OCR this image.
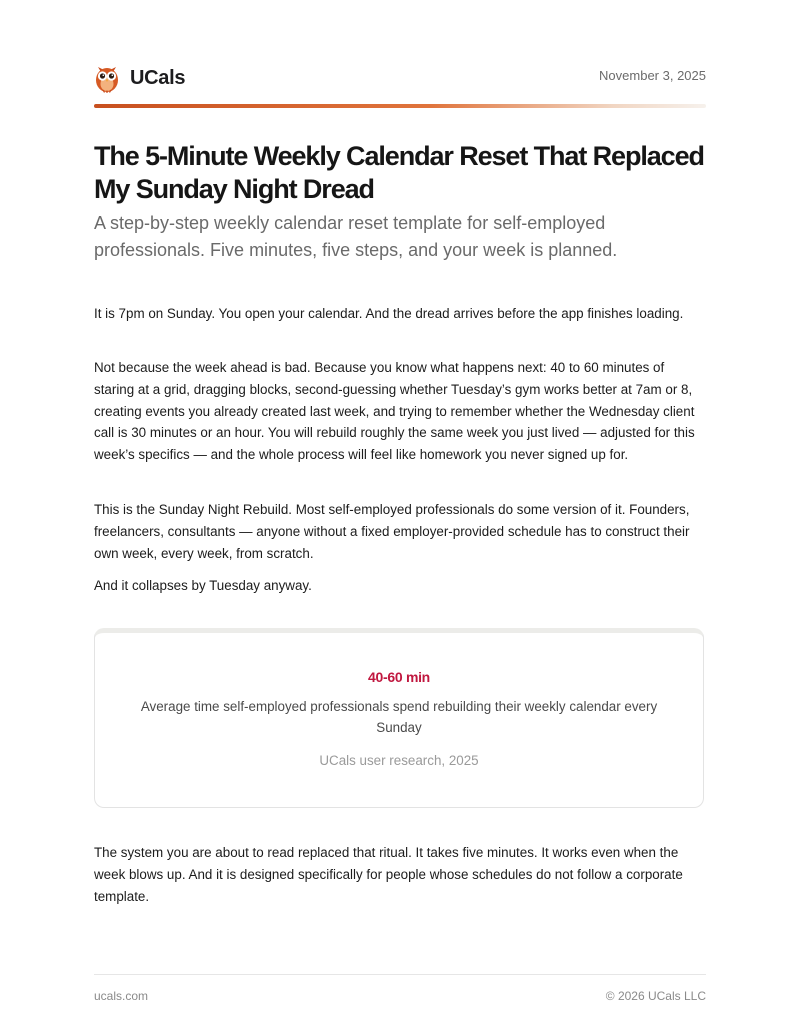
UCals	November 3, 2025
The 5-Minute Weekly Calendar Reset That Replaced My Sunday Night Dread
A step-by-step weekly calendar reset template for self-employed professionals. Five minutes, five steps, and your week is planned.

It is 7pm on Sunday. You open your calendar. And the dread arrives before the app finishes loading.

Not because the week ahead is bad. Because you know what happens next: 40 to 60 minutes of staring at a grid, dragging blocks, second-guessing whether Tuesday’s gym works better at 7am or 8, creating events you already created last week, and trying to remember whether the Wednesday client call is 30 minutes or an hour. You will rebuild roughly the same week you just lived — adjusted for this week’s specifics — and the whole process will feel like homework you never signed up for.

This is the Sunday Night Rebuild. Most self-employed professionals do some version of it. Founders, freelancers, consultants — anyone without a fixed employer-provided schedule has to construct their own week, every week, from scratch.

And it collapses by Tuesday anyway.

40-60 min
Average time self-employed professionals spend rebuilding their weekly calendar every Sunday
UCals user research, 2025

The system you are about to read replaced that ritual. It takes five minutes. It works even when the week blows up. And it is designed specifically for people whose schedules do not follow a corporate template.

ucals.com	© 2026 UCals LLC
